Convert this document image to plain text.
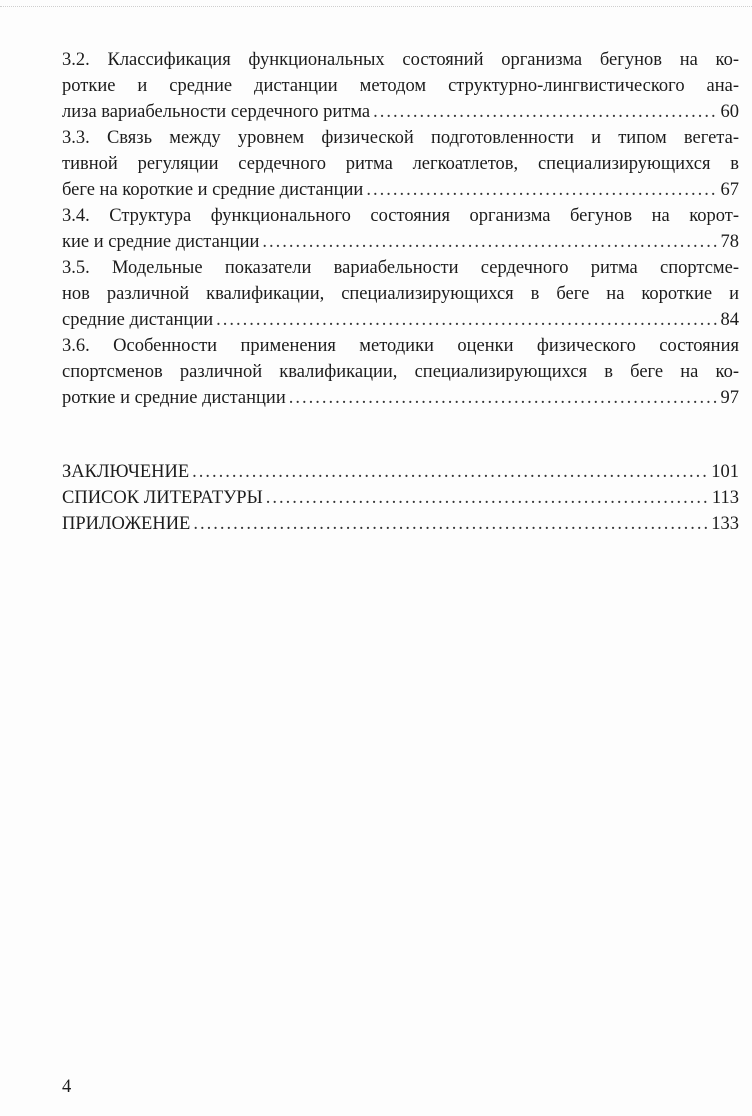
3.2. Классификация функциональных состояний организма бегунов на ко-
роткие и средние дистанции методом структурно-лингвистического ана-
лиза вариабельности сердечного ритма .....	60
3.3. Связь между уровнем физической подготовленности и типом вегета-
тивной регуляции сердечного ритма легкоатлетов, специализирующихся в
беге на короткие и средние дистанции .....	67
3.4. Структура функционального состояния организма бегунов на корот-
кие и средние дистанции .....	78
3.5. Модельные показатели вариабельности сердечного ритма спортсме-
нов различной квалификации, специализирующихся в беге на короткие и
средние дистанции .....	84
3.6. Особенности применения методики оценки физического состояния
спортсменов различной квалификации, специализирующихся в беге на ко-
роткие и средние дистанции .....	97
ЗАКЛЮЧЕНИЕ .....	101
СПИСОК ЛИТЕРАТУРЫ .....	113
ПРИЛОЖЕНИЕ .....	133
4
